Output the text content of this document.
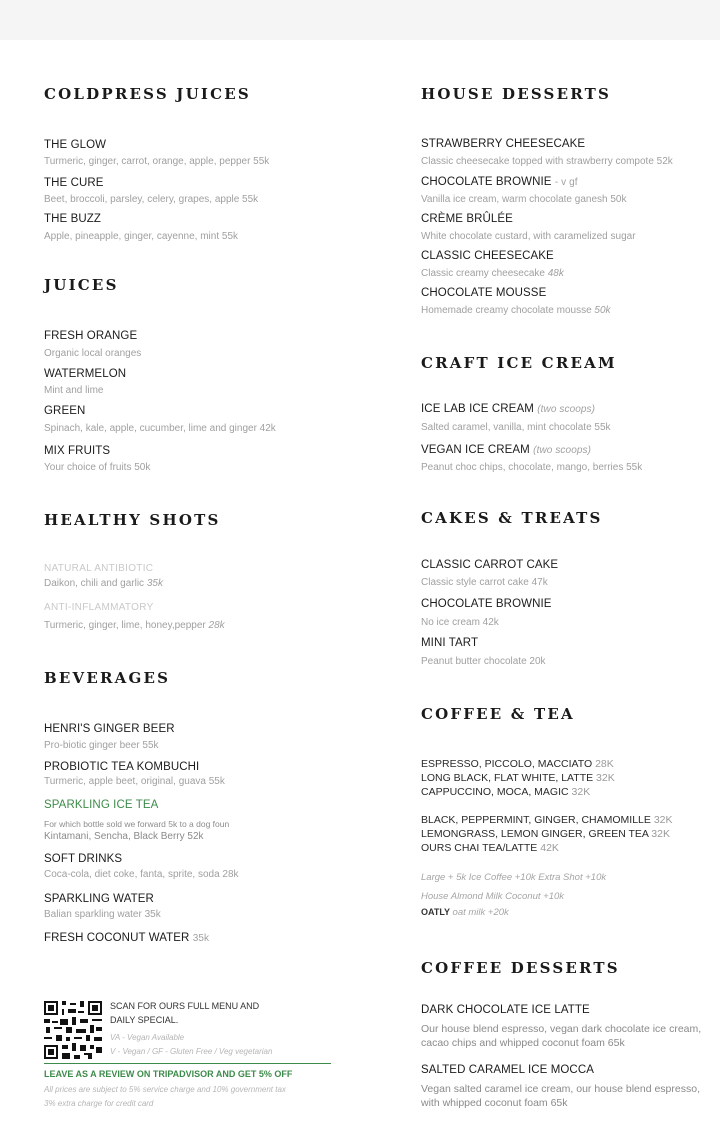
COLDPRESS JUICES
THE GLOW
Turmeric, ginger, carrot, orange, apple, pepper 55k
THE CURE
Beet, broccoli, parsley, celery, grapes, apple 55k
THE BUZZ
Apple, pineapple, ginger, cayenne, mint 55k
JUICES
FRESH ORANGE
Organic local oranges
WATERMELON
Mint and lime
GREEN
Spinach, kale, apple, cucumber, lime and ginger 42k
MIX FRUITS
Your choice of fruits 50k
HEALTHY SHOTS
NATURAL ANTIBIOTIC
Daikon, chili and garlic 35k
ANTI-INFLAMMATORY
Turmeric, ginger, lime, honey,pepper 28k
BEVERAGES
HENRI'S GINGER BEER
Pro-biotic ginger beer 55k
PROBIOTIC TEA KOMBUCHI
Turmeric, apple beet, original, guava 55k
SPARKLING ICE TEA
For which bottle sold we forward 5k to a dog foun
Kintamani, Sencha, Black Berry 52k
SOFT DRINKS
Coca-cola, diet coke, fanta, sprite, soda 28k
SPARKLING WATER
Balian sparkling water 35k
FRESH COCONUT WATER 35k
SCAN FOR OURS FULL MENU AND
DAILY SPECIAL.
VA - Vegan Available
V - Vegan / GF - Gluten Free / Veg vegetarian
LEAVE AS A REVIEW ON TRIPADVISOR AND GET 5% OFF
All prices are subject to 5% service charge and 10% government tax
3% extra charge for credit card
HOUSE DESSERTS
STRAWBERRY CHEESECAKE
Classic cheesecake topped with strawberry compote 52k
CHOCOLATE BROWNIE - v gf
Vanilla ice cream, warm chocolate ganesh 50k
CRÈME BRÛLÉE
White chocolate custard, with caramelized sugar
CLASSIC CHEESECAKE
Classic creamy cheesecake 48k
CHOCOLATE MOUSSE
Homemade creamy chocolate mousse 50k
CRAFT ICE CREAM
ICE LAB ICE CREAM (two scoops)
Salted caramel, vanilla, mint chocolate 55k
VEGAN ICE CREAM (two scoops)
Peanut choc chips, chocolate, mango, berries 55k
CAKES & TREATS
CLASSIC CARROT CAKE
Classic style carrot cake 47k
CHOCOLATE BROWNIE
No ice cream 42k
MINI TART
Peanut butter chocolate 20k
COFFEE & TEA
ESPRESSO, PICCOLO, MACCIATO 28K
LONG BLACK, FLAT WHITE, LATTE 32K
CAPPUCCINO, MOCA, MAGIC 32K
BLACK, PEPPERMINT, GINGER, CHAMOMILLE 32K
LEMONGRASS, LEMON GINGER, GREEN TEA 32K
OURS CHAI TEA/LATTE 42K
Large + 5k Ice Coffee +10k Extra Shot +10k
House Almond Milk Coconut +10k
OATLY oat milk +20k
COFFEE DESSERTS
DARK CHOCOLATE ICE LATTE
Our house blend espresso, vegan dark chocolate ice cream, cacao chips and whipped coconut foam 65k
SALTED CARAMEL ICE MOCCA
Vegan salted caramel ice cream, our house blend espresso, with whipped coconut foam 65k
